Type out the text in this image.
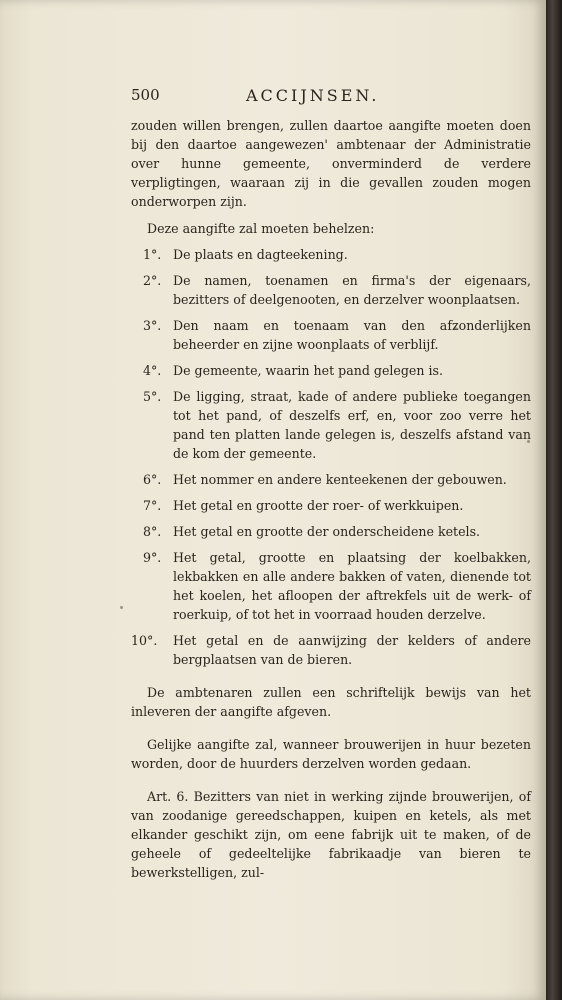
500	ACCIJNSEN.

zouden willen brengen, zullen daartoe aangifte moeten doen bij den daartoe aangewezen' ambtenaar der Administratie over hunne gemeente, onverminderd de verdere verpligtingen, waaraan zij in die gevallen zouden mogen onderworpen zijn.

Deze aangifte zal moeten behelzen:

1°. De plaats en dagteekening.
2°. De namen, toenamen en firma's der eigenaars, bezitters of deelgenooten, en derzelver woonplaatsen.
3°. Den naam en toenaam van den afzonderlijken beheerder en zijne woonplaats of verblijf.
4°. De gemeente, waarin het pand gelegen is.
5°. De ligging, straat, kade of andere publieke toegangen tot het pand, of deszelfs erf, en, voor zoo verre het pand ten platten lande gelegen is, deszelfs afstand van de kom der gemeente.
6°. Het nommer en andere kenteekenen der gebouwen.
7°. Het getal en grootte der roer- of werkkuipen.
8°. Het getal en grootte der onderscheidene ketels.
9°. Het getal, grootte en plaatsing der koelbakken, lekbakken en alle andere bakken of vaten, dienende tot het koelen, het afloopen der aftrekfels uit de werk- of roerkuip, of tot het in voorraad houden derzelve.
10°.	Het getal en de aanwijzing der kelders of andere bergplaatsen van de bieren.

De ambtenaren zullen een schriftelijk bewijs van het inleveren der aangifte afgeven.

Gelijke aangifte zal, wanneer brouwerijen in huur bezeten worden, door de huurders derzelven worden gedaan.

Art. 6. Bezitters van niet in werking zijnde brouwerijen, of van zoodanige gereedschappen, kuipen en ketels, als met elkander geschikt zijn, om eene fabrijk uit te maken, of de geheele of gedeeltelijke fabrikaadje van bieren te bewerkstelligen, zul-
